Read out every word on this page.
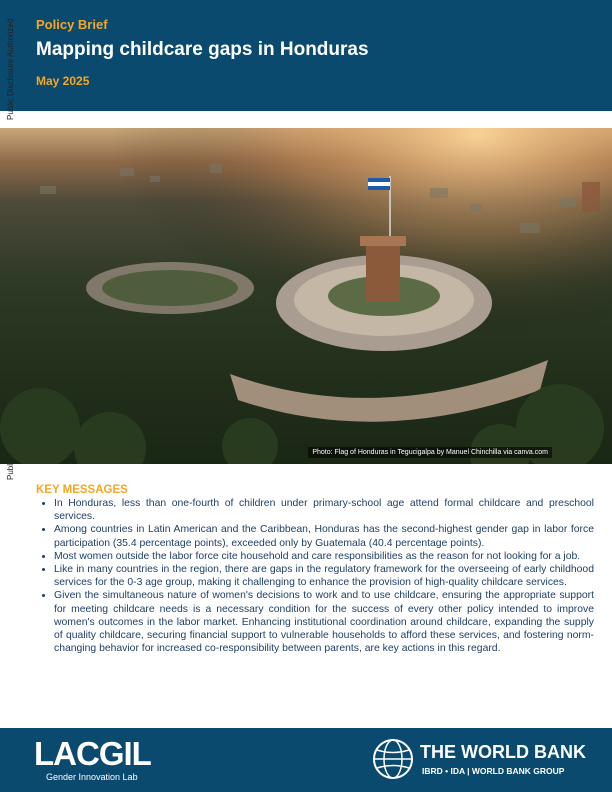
Policy Brief
Mapping childcare gaps in Honduras
May 2025
Public Disclosure Authorized
Photo: Flag of Honduras in Tegucigalpa by Manuel Chinchilla via canva.com
KEY MESSAGES
• In Honduras, less than one-fourth of children under primary-school age attend formal childcare and preschool services.
• Among countries in Latin American and the Caribbean, Honduras has the second-highest gender gap in labor force participation (35.4 percentage points), exceeded only by Guatemala (40.4 percentage points).
• Most women outside the labor force cite household and care responsibilities as the reason for not looking for a job.
• Like in many countries in the region, there are gaps in the regulatory framework for the overseeing of early childhood services for the 0-3 age group, making it challenging to enhance the provision of high-quality childcare services.
• Given the simultaneous nature of women's decisions to work and to use childcare, ensuring the appropriate support for meeting childcare needs is a necessary condition for the success of every other policy intended to improve women's outcomes in the labor market. Enhancing institutional coordination around childcare, expanding the supply of quality childcare, securing financial support to vulnerable households to afford these services, and fostering norm-changing behavior for increased co-responsibility between parents, are key actions in this regard.
LACGIL
Gender Innovation Lab
THE WORLD BANK
IBRD • IDA | WORLD BANK GROUP
